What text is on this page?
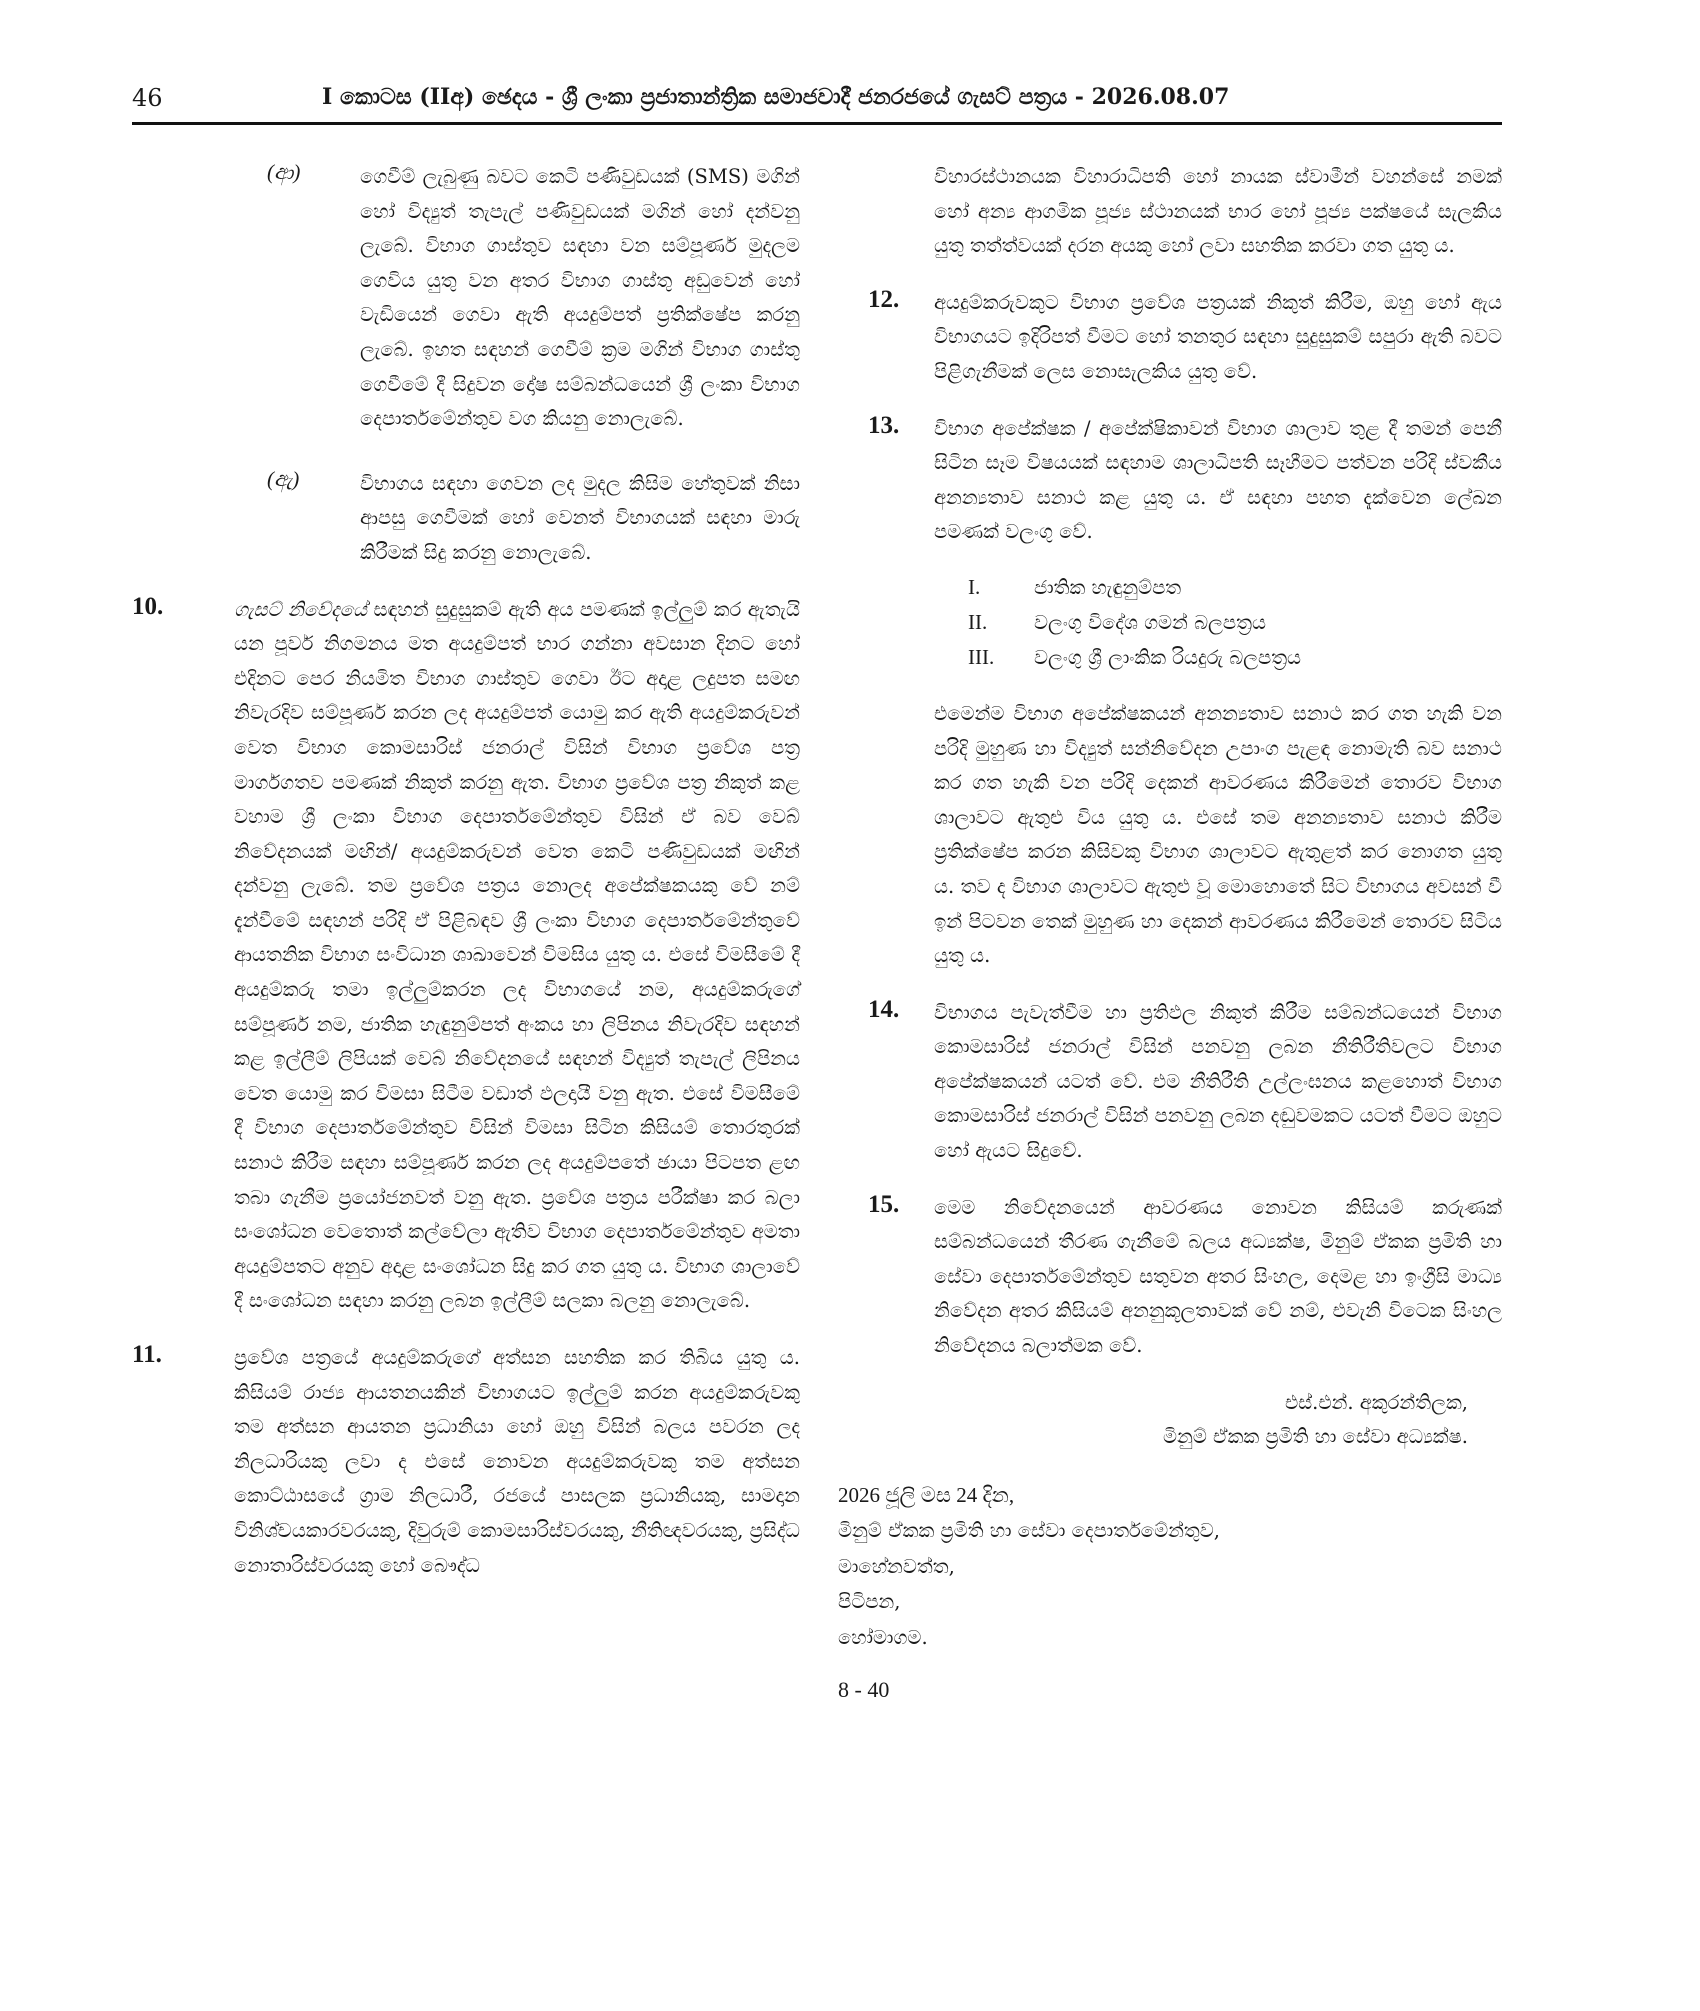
46	I කොටස (IIඅ) ඡෙදය - ශ්‍රී ලංකා ප්‍රජාතාන්ත්‍රික සමාජවාදී ජනරජයේ ගැසට් පත්‍රය - 2026.08.07
(ආ)	ගෙවීම් ලැබුණු බවට කෙටි පණිවුඩයක් (SMS) මගින් හෝ විද්‍යුත් තැපැල් පණිවුඩයක් මගින් හෝ දන්වනු ලැබේ. විභාග ගාස්තුව සඳහා වන සම්පූර්ණ මුදලම ගෙවිය යුතු වන අතර විභාග ගාස්තු අඩුවෙන් හෝ වැඩියෙන් ගෙවා ඇති අයදුම්පත් ප්‍රතික්ෂේප කරනු ලැබේ. ඉහත සඳහන් ගෙවීම් ක්‍රම මගින් විභාග ගාස්තු ගෙවීමේ දී සිදුවන දෝෂ සම්බන්ධයෙන් ශ්‍රී ලංකා විභාග දෙපාර්තමේන්තුව වග කියනු නොලැබේ.

(ඇ)	විභාගය සඳහා ගෙවන ලද මුදල කිසිම හේතුවක් නිසා ආපසු ගෙවීමක් හෝ වෙනත් විභාගයක් සඳහා මාරු කිරීමක් සිදු කරනු නොලැබේ.

10.	ගැසට් නිවේදයේ සඳහන් සුදුසුකම් ඇති අය පමණක් ඉල්ලුම් කර ඇතැයි යන පූර්ව නිගමනය මත අයදුම්පත් භාර ගන්නා අවසාන දිනට හෝ එදිනට පෙර නියමිත විභාග ගාස්තුව ගෙවා ඊට අදාළ ලදුපත සමඟ නිවැරදිව සම්පූර්ණ කරන ලද අයදුම්පත් යොමු කර ඇති අයදුම්කරුවන් වෙත විභාග කොමසාරිස් ජනරාල් විසින් විභාග ප්‍රවේශ පත්‍ර මාර්ගගතව පමණක් නිකුත් කරනු ඇත. විභාග ප්‍රවේශ පත්‍ර නිකුත් කළ වහාම ශ්‍රී ලංකා විභාග දෙපාර්තමේන්තුව විසින් ඒ බව වෙබ් නිවේදනයක් මඟින්/ අයදුම්කරුවන් වෙත කෙටි පණිවුඩයක් මඟින් දන්වනු ලැබේ. තම ප්‍රවේශ පත්‍රය නොලද අපේක්ෂකයකු වේ නම් දැන්වීමේ සඳහන් පරිදි ඒ පිළිබඳව ශ්‍රී ලංකා විභාග දෙපාර්තමේන්තුවේ ආයතනික විභාග සංවිධාන ශාඛාවෙන් විමසිය යුතු ය. එසේ විමසීමේ දී අයදුම්කරු තමා ඉල්ලුම්කරන ලද විභාගයේ නම, අයදුම්කරුගේ සම්පූර්ණ නම, ජාතික හැඳුනුම්පත් අංකය හා ලිපිනය නිවැරදිව සඳහන් කළ ඉල්ලීම් ලිපියක් වෙබ් නිවේදනයේ සඳහන් විද්‍යුත් තැපැල් ලිපිනය වෙත යොමු කර විමසා සිටීම වඩාත් ඵලදායී වනු ඇත. එසේ විමසීමේ දී විභාග දෙපාර්තමේන්තුව විසින් විමසා සිටින කිසියම් තොරතුරක් සනාථ කිරීම සඳහා සම්පූර්ණ කරන ලද අයදුම්පතේ ඡායා පිටපත ළඟ තබා ගැනීම ප්‍රයෝජනවත් වනු ඇත. ප්‍රවේශ පත්‍රය පරීක්ෂා කර බලා සංශෝධන වෙතොත් කල්වේලා ඇතිව විභාග දෙපාර්තමේන්තුව අමතා අයදුම්පතට අනුව අදාළ සංශෝධන සිදු කර ගත යුතු ය. විභාග ශාලාවේ දී සංශෝධන සඳහා කරනු ලබන ඉල්ලීම් සලකා බලනු නොලැබේ.

11.	ප්‍රවේශ පත්‍රයේ අයදුම්කරුගේ අත්සන සහතික කර තිබිය යුතු ය. කිසියම් රාජ්‍ය ආයතනයකින් විභාගයට ඉල්ලුම් කරන අයදුම්කරුවකු තම අත්සන ආයතන ප්‍රධානියා හෝ ඔහු විසින් බලය පවරන ලද නිලධාරියකු ලවා ද එසේ නොවන අයදුම්කරුවකු තම අත්සන කොට්ඨාසයේ ග්‍රාම නිලධාරී, රජයේ පාසලක ප්‍රධානියකු, සාමදාන විනිශ්චයකාරවරයකු, දිවුරුම් කොමසාරිස්වරයකු, නීතිඥවරයකු, ප්‍රසිද්ධ නොතාරිස්වරයකු හෝ බෞද්ධ

විහාරස්ථානයක විහාරාධිපති හෝ නායක ස්වාමීන් වහන්සේ නමක් හෝ අන්‍ය ආගමික පූජ්‍ය ස්ථානයක් භාර හෝ පූජ්‍ය පක්ෂයේ සැලකිය යුතු තත්ත්වයක් දරන අයකු හෝ ලවා සහතික කරවා ගත යුතු ය.

12. අයදුම්කරුවකුට විභාග ප්‍රවේශ පත්‍රයක් නිකුත් කිරීම, ඔහු හෝ ඇය විභාගයට ඉදිරිපත් වීමට හෝ තනතුර සඳහා සුදුසුකම් සපුරා ඇති බවට පිළිගැනීමක් ලෙස නොසැලකිය යුතු වේ.

13. විභාග අපේක්ෂක / අපේක්ෂිකාවන් විභාග ශාලාව තුළ දී තමන් පෙනී සිටින සෑම විෂයයක් සඳහාම ශාලාධිපති සෑහීමට පත්වන පරිදි ස්වකීය අනන්‍යතාව සනාථ කළ යුතු ය. ඒ සඳහා පහත දැක්වෙන ලේඛන පමණක් වලංගු වේ.

I.	ජාතික හැඳුනුම්පත
II. වලංගු විදේශ ගමන් බලපත්‍රය
III. වලංගු ශ්‍රී ලාංකික රියදුරු බලපත්‍රය

එමෙන්ම විභාග අපේක්ෂකයන් අනන්‍යතාව සනාථ කර ගත හැකි වන පරිදි මුහුණ හා විද්‍යුත් සන්නිවේදන උපාංග පැළඳ නොමැති බව සනාථ කර ගත හැකි වන පරිදි දෙකන් ආවරණය කිරීමෙන් තොරව විභාග ශාලාවට ඇතුළු විය යුතු ය. එසේ තම අනන්‍යතාව සනාථ කිරීම ප්‍රතික්ෂේප කරන කිසිවකු විභාග ශාලාවට ඇතුළත් කර නොගත යුතු ය. තව ද විභාග ශාලාවට ඇතුළු වූ මොහොතේ සිට විභාගය අවසන් වී ඉන් පිටවන තෙක් මුහුණ හා දෙකන් ආවරණය කිරීමෙන් තොරව සිටිය යුතු ය.

14. විභාගය පැවැත්වීම හා ප්‍රතිඵල නිකුත් කිරීම සම්බන්ධයෙන් විභාග කොමසාරිස් ජනරාල් විසින් පනවනු ලබන නීතිරීතිවලට විභාග අපේක්ෂකයන් යටත් වේ. එම නීතිරීති උල්ලංඝනය කළහොත් විභාග කොමසාරිස් ජනරාල් විසින් පනවනු ලබන දඬුවමකට යටත් වීමට ඔහුට හෝ ඇයට සිදුවේ.

15. මෙම නිවේදනයෙන් ආවරණය නොවන කිසියම් කරුණක් සම්බන්ධයෙන් තීරණ ගැනීමේ බලය අධ්‍යක්ෂ, මිනුම් ඒකක ප්‍රමිති හා සේවා දෙපාර්තමේන්තුව සතුවන අතර සිංහල, දෙමළ හා ඉංග්‍රීසි මාධ්‍ය නිවේදන අතර කිසියම් අනනුකූලතාවක් වේ නම්, එවැනි විටෙක සිංහල නිවේදනය බලාත්මක වේ.

එස්.එන්. අකුරන්තිලක,
මිනුම් ඒකක ප්‍රමිති හා සේවා අධ්‍යක්ෂ.
2026 ජූලි මස 24 දින,
මිනුම් ඒකක ප්‍රමිති හා සේවා දෙපාර්තමේන්තුව,
මාහේනවත්ත,
පිටිපන,
හෝමාගම.
8 - 40
